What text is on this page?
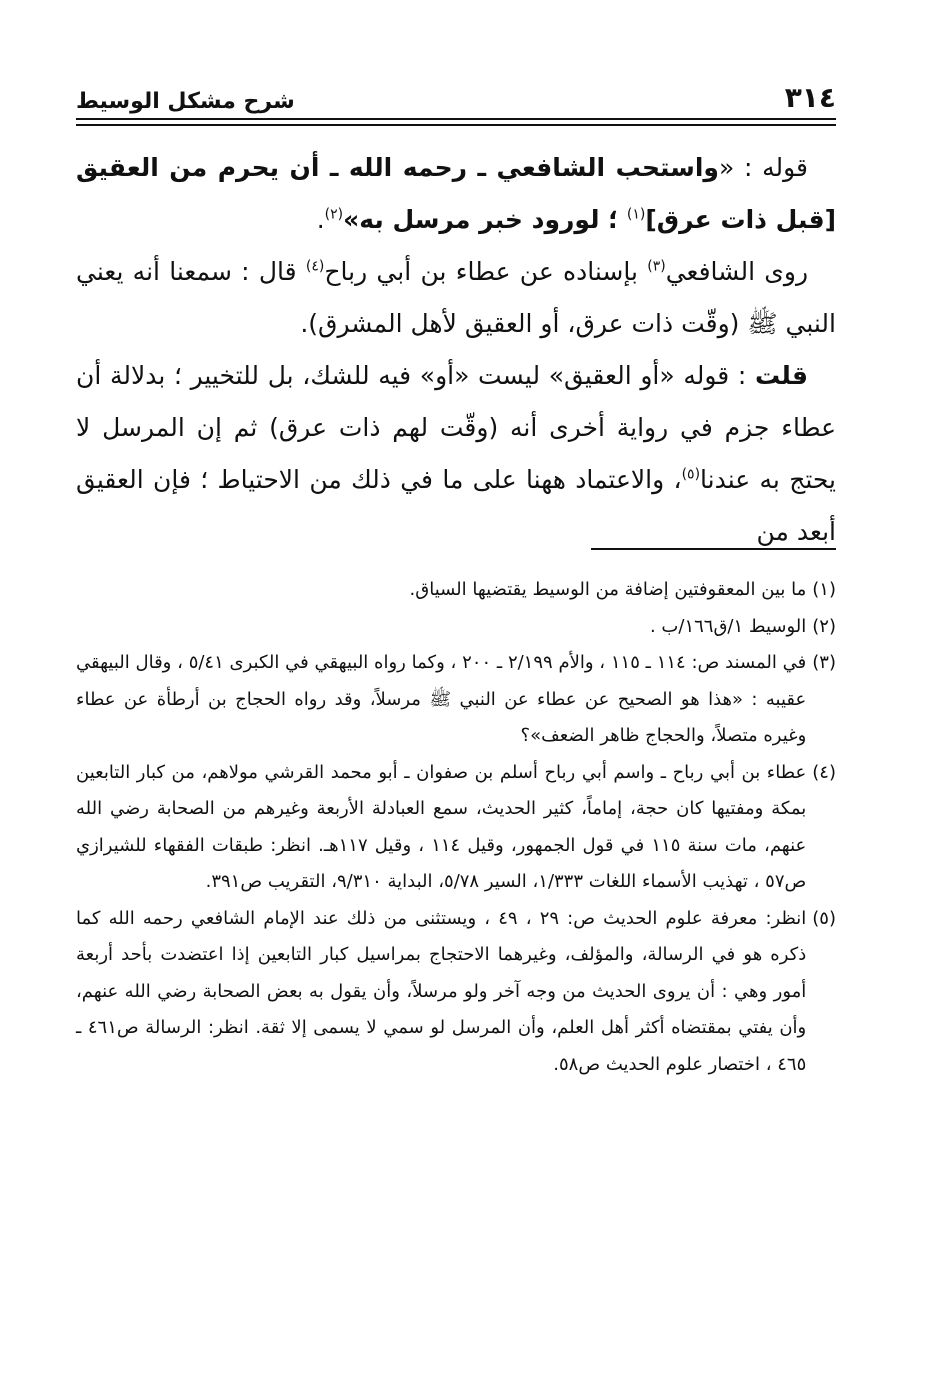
٣١٤
شرح مشكل الوسيط

قوله : «واستحب الشافعي ـ رحمه الله ـ أن يحرم من العقيق [قبل ذات عرق]$^{(١)}$ ؛ لورود خبر مرسل به»$^{(٢)}$.

روى الشافعي$^{(٣)}$ بإسناده عن عطاء بن أبي رباح$^{(٤)}$ قال : سمعنا أنه يعني النبي ﷺ (وقّت ذات عرق، أو العقيق لأهل المشرق).

قلت : قوله «أو العقيق» ليست «أو» فيه للشك، بل للتخيير ؛ بدلالة أن عطاء جزم في رواية أخرى أنه (وقّت لهم ذات عرق) ثم إن المرسل لا يحتج به عندنا$^{(٥)}$، والاعتماد ههنا على ما في ذلك من الاحتياط ؛ فإن العقيق أبعد من

(١)
ما بين المعقوفتين إضافة من الوسيط يقتضيها السياق.

(٢)
الوسيط ١/ق١٦٦/ب .

(٣)
في المسند ص: ١١٤ ـ ١١٥ ، والأم ٢/١٩٩ ـ ٢٠٠ ، وكما رواه البيهقي في الكبرى ٥/٤١ ، وقال البيهقي عقيبه : «هذا هو الصحيح عن عطاء عن النبي ﷺ مرسلاً، وقد رواه الحجاج بن أرطأة عن عطاء وغيره متصلاً، والحجاج ظاهر الضعف»؟

(٤)
عطاء بن أبي رباح ـ واسم أبي رباح أسلم بن صفوان ـ أبو محمد القرشي مولاهم، من كبار التابعين بمكة ومفتيها كان حجة، إماماً، كثير الحديث، سمع العبادلة الأربعة وغيرهم من الصحابة رضي الله عنهم، مات سنة ١١٥ في قول الجمهور، وقيل ١١٤ ، وقيل ١١٧هـ. انظر: طبقات الفقهاء للشيرازي ص٥٧ ، تهذيب الأسماء اللغات ١/٣٣٣، السير ٥/٧٨، البداية ٩/٣١٠، التقريب ص٣٩١.

(٥)
انظر: معرفة علوم الحديث ص: ٢٩ ، ٤٩ ، ويستثنى من ذلك عند الإمام الشافعي رحمه الله كما ذكره هو في الرسالة، والمؤلف، وغيرهما الاحتجاج بمراسيل كبار التابعين إذا اعتضدت بأحد أربعة أمور وهي : أن يروى الحديث من وجه آخر ولو مرسلاً، وأن يقول به بعض الصحابة رضي الله عنهم، وأن يفتي بمقتضاه أكثر أهل العلم، وأن المرسل لو سمي لا يسمى إلا ثقة. انظر: الرسالة ص٤٦١ ـ ٤٦٥ ، اختصار علوم الحديث ص٥٨.
